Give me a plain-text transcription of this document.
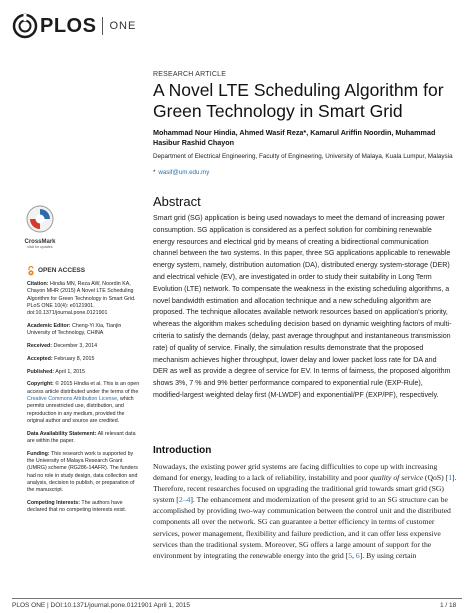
PLOS ONE
RESEARCH ARTICLE
A Novel LTE Scheduling Algorithm for Green Technology in Smart Grid
Mohammad Nour Hindia, Ahmed Wasif Reza*, Kamarul Ariffin Noordin, Muhammad Hasibur Rashid Chayon
Department of Electrical Engineering, Faculty of Engineering, University of Malaya, Kuala Lumpur, Malaysia
* wasif@um.edu.my
Abstract
Smart grid (SG) application is being used nowadays to meet the demand of increasing power consumption. SG application is considered as a perfect solution for combining renewable energy resources and electrical grid by means of creating a bidirectional communication channel between the two systems. In this paper, three SG applications applicable to renewable energy system, namely, distribution automation (DA), distributed energy system-storage (DER) and electrical vehicle (EV), are investigated in order to study their suitability in Long Term Evolution (LTE) network. To compensate the weakness in the existing scheduling algorithms, a novel bandwidth estimation and allocation technique and a new scheduling algorithm are proposed. The technique allocates available network resources based on application's priority, whereas the algorithm makes scheduling decision based on dynamic weighting factors of multi-criteria to satisfy the demands (delay, past average throughput and instantaneous transmission rate) of quality of service. Finally, the simulation results demonstrate that the proposed mechanism achieves higher throughput, lower delay and lower packet loss rate for DA and DER as well as provide a degree of service for EV. In terms of fairness, the proposed algorithm shows 3%, 7 % and 9% better performance compared to exponential rule (EXP-Rule), modified-largest weighted delay first (M-LWDF) and exponential/PF (EXP/PF), respectively.
CrossMark
click for updates
OPEN ACCESS

Citation: Hindia MN, Reza AW, Noordin KA, Chayon MHR (2015) A Novel LTE Scheduling Algorithm for Green Technology in Smart Grid. PLoS ONE 10(4): e0121901. doi:10.1371/journal.pone.0121901

Academic Editor: Cheng-Yi Xia, Tianjin University of Technology, CHINA

Received: December 3, 2014

Accepted: February 8, 2015

Published: April 1, 2015

Copyright: © 2015 Hindia et al. This is an open access article distributed under the terms of the Creative Commons Attribution License, which permits unrestricted use, distribution, and reproduction in any medium, provided the original author and source are credited.

Data Availability Statement: All relevant data are within the paper.

Funding: This research work is supported by the University of Malaya Research Grant (UMRG) scheme (RG286-14AFR). The funders had no role in study design, data collection and analysis, decision to publish, or preparation of the manuscript.

Competing Interests: The authors have declared that no competing interests exist.

Introduction
Nowadays, the existing power grid systems are facing difficulties to cope up with increasing demand for energy, leading to a lack of reliability, instability and poor quality of service (QoS) [1]. Therefore, recent researches focused on upgrading the traditional grid towards smart grid (SG) system [2–4]. The enhancement and modernization of the present grid to an SG structure can be accomplished by providing two-way communication between the control unit and the distributed components all over the network. SG can guarantee a better efficiency in terms of customer services, power management, flexibility and failure prediction, and it can offer less expensive services than the traditional system. Moreover, SG offers a large amount of support for the environment by integrating the renewable energy into the grid [5, 6]. By using certain
PLOS ONE | DOI:10.1371/journal.pone.0121901 April 1, 2015	1 / 18
